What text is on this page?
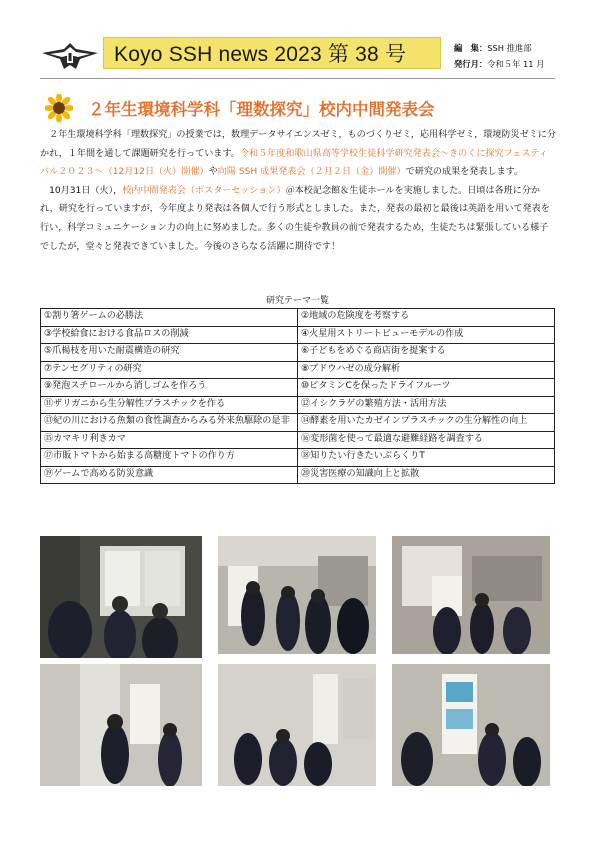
Koyo SSH news 2023 第 38 号	編　集：SSH 推進部
発行月：令和５年 11 月
２年生環境科学科「理数探究」校内中間発表会

２年生環境科学科「理数探究」の授業では，数理データサイエンスゼミ，ものづくりゼミ，応用科学ゼミ，環境防災ゼミに分かれ，１年間を通して課題研究を行っています。令和５年度和歌山県高等学校生徒科学研究発表会～きのくに探究フェスティバル２０２３～（12月12日（火）開催）や向陽 SSH 成果発表会（２月２日（金）開催）で研究の成果を発表します。

10月31日（火），校内中間発表会（ポスターセッション）＠本校記念館＆生徒ホールを実施しました。日頃は各班に分かれ，研究を行っていますが，今年度より発表は各個人で行う形式としました。また，発表の最初と最後は英語を用いて発表を行い，科学コミュニケーション力の向上に努めました。多くの生徒や教員の前で発表するため，生徒たちは緊張している様子でしたが，堂々と発表できていました。今後のさらなる活躍に期待です！

研究テーマ一覧
①割り箸ゲームの必勝法	②地域の危険度を考察する
③学校給食における食品ロスの削減	④火星用ストリートビューモデルの作成
⑤爪楊枝を用いた耐震構造の研究	⑥子どもをめぐる商店街を提案する
⑦テンセグリティの研究	⑧ブドウハゼの成分解析
⑨発泡スチロールから消しゴムを作ろう	⑩ビタミンCを保ったドライフルーツ
⑪ザリガニから生分解性プラスチックを作る	⑫イシクラゲの繁殖方法・活用方法
⑬紀の川における魚類の食性調査からみる外来魚駆除の是非	⑭酵素を用いたカゼインプラスチックの生分解性の向上
⑮カマキリ利きカマ	⑯変形菌を使って最適な避難経路を調査する
⑰市販トマトから始まる高糖度トマトの作り方	⑱知りたい行きたいぶらくりT
⑲ゲームで高める防災意識	⑳災害医療の知識向上と拡散
